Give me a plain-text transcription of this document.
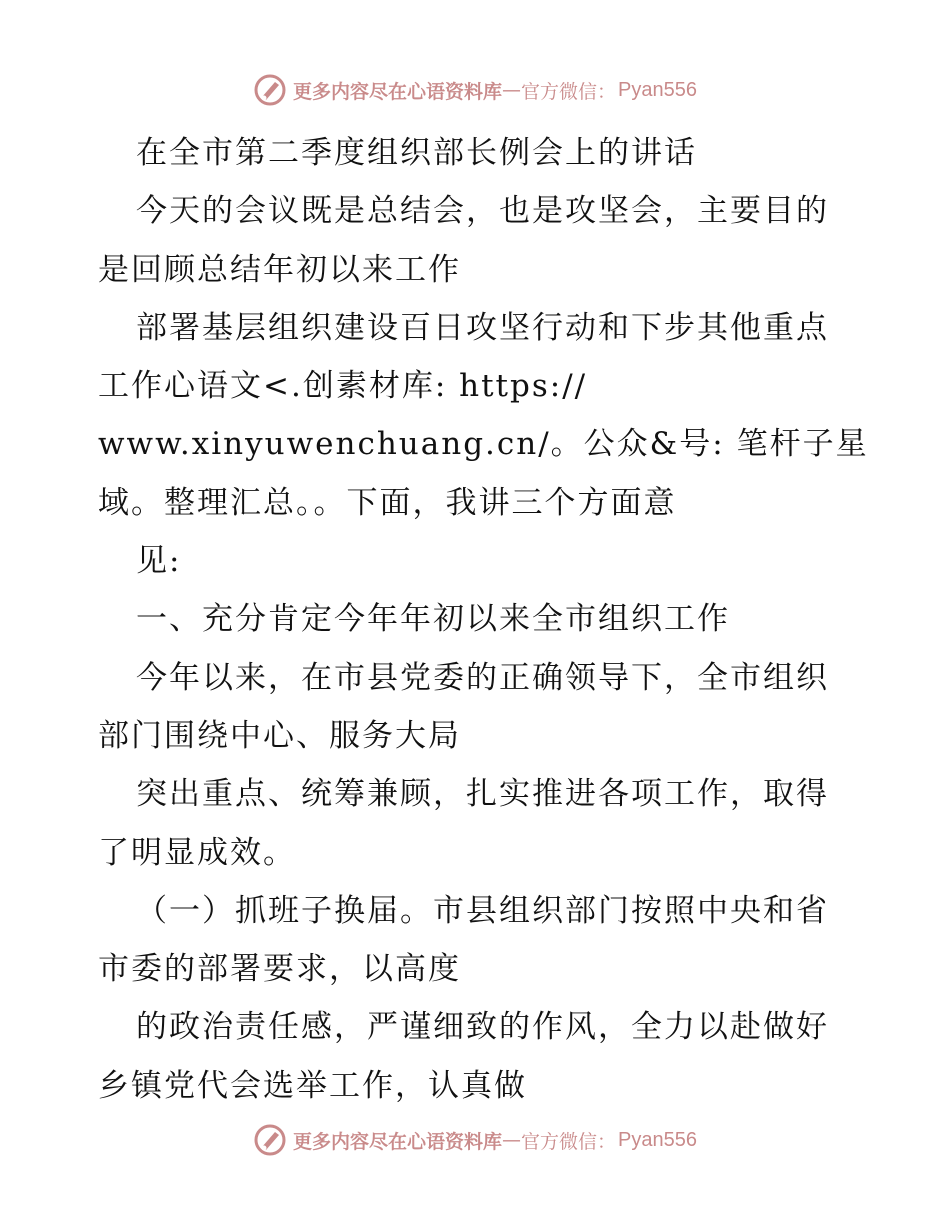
更多内容尽在心语资料库 — 官方微信： Pyan556
在全市第二季度组织部长例会上的讲话
今天的会议既是总结会，也是攻坚会，主要目的
是回顾总结年初以来工作
部署基层组织建设百日攻坚行动和下步其他重点
工作心语文<.创素材库: https://
www.xinyuwenchuang.cn/。公众&号: 笔杆子星
域。整理汇总。。下面，我讲三个方面意
见:
一、充分肯定今年年初以来全市组织工作
今年以来，在市县党委的正确领导下，全市组织
部门围绕中心、服务大局
突出重点、统筹兼顾，扎实推进各项工作，取得
了明显成效。
（一）抓班子换届。市县组织部门按照中央和省
市委的部署要求，以高度
的政治责任感，严谨细致的作风，全力以赴做好
乡镇党代会选举工作，认真做
更多内容尽在心语资料库 — 官方微信： Pyan556
